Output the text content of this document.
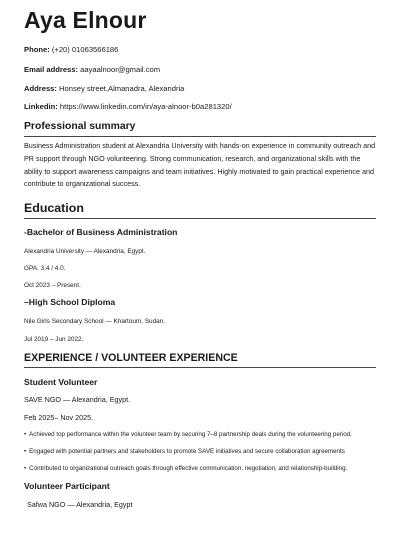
Aya Elnour
Phone: (+20) 01063566186
Email address: aayaalnoor@gmail.com
Address: Honsey street,Almanadra, Alexandria
Linkedin: https://www.linkedin.com/in/aya-alnoor-b0a281320/
Professional summary
Business Administration student at Alexandria University with hands-on experience in community outreach and PR support through NGO volunteering. Strong communication, research, and organizational skills with the ability to support awareness campaigns and team initiatives. Highly motivated to gain practical experience and contribute to organizational success.
Education
-Bachelor of Business Administration
Alexandria University — Alexandria, Egypt.
GPA: 3.4 / 4.0.
Oct 2023 – Present.
–High School Diploma
Nile Girls Secondary School — Khartoum, Sudan.
Jul 2019 – Jun 2022.
EXPERIENCE / VOLUNTEER EXPERIENCE
Student Volunteer
SAVE NGO — Alexandria, Egypt.
Feb 2025– Nov 2025.
• Achieved top performance within the volunteer team by securing 7–8 partnership deals during the volunteering period.
• Engaged with potential partners and stakeholders to promote SAVE initiatives and secure collaboration agreements
• Contributed to organizational outreach goals through effective communication, negotiation, and relationship-building.
Volunteer Participant
Safwa NGO — Alexandria, Egypt
